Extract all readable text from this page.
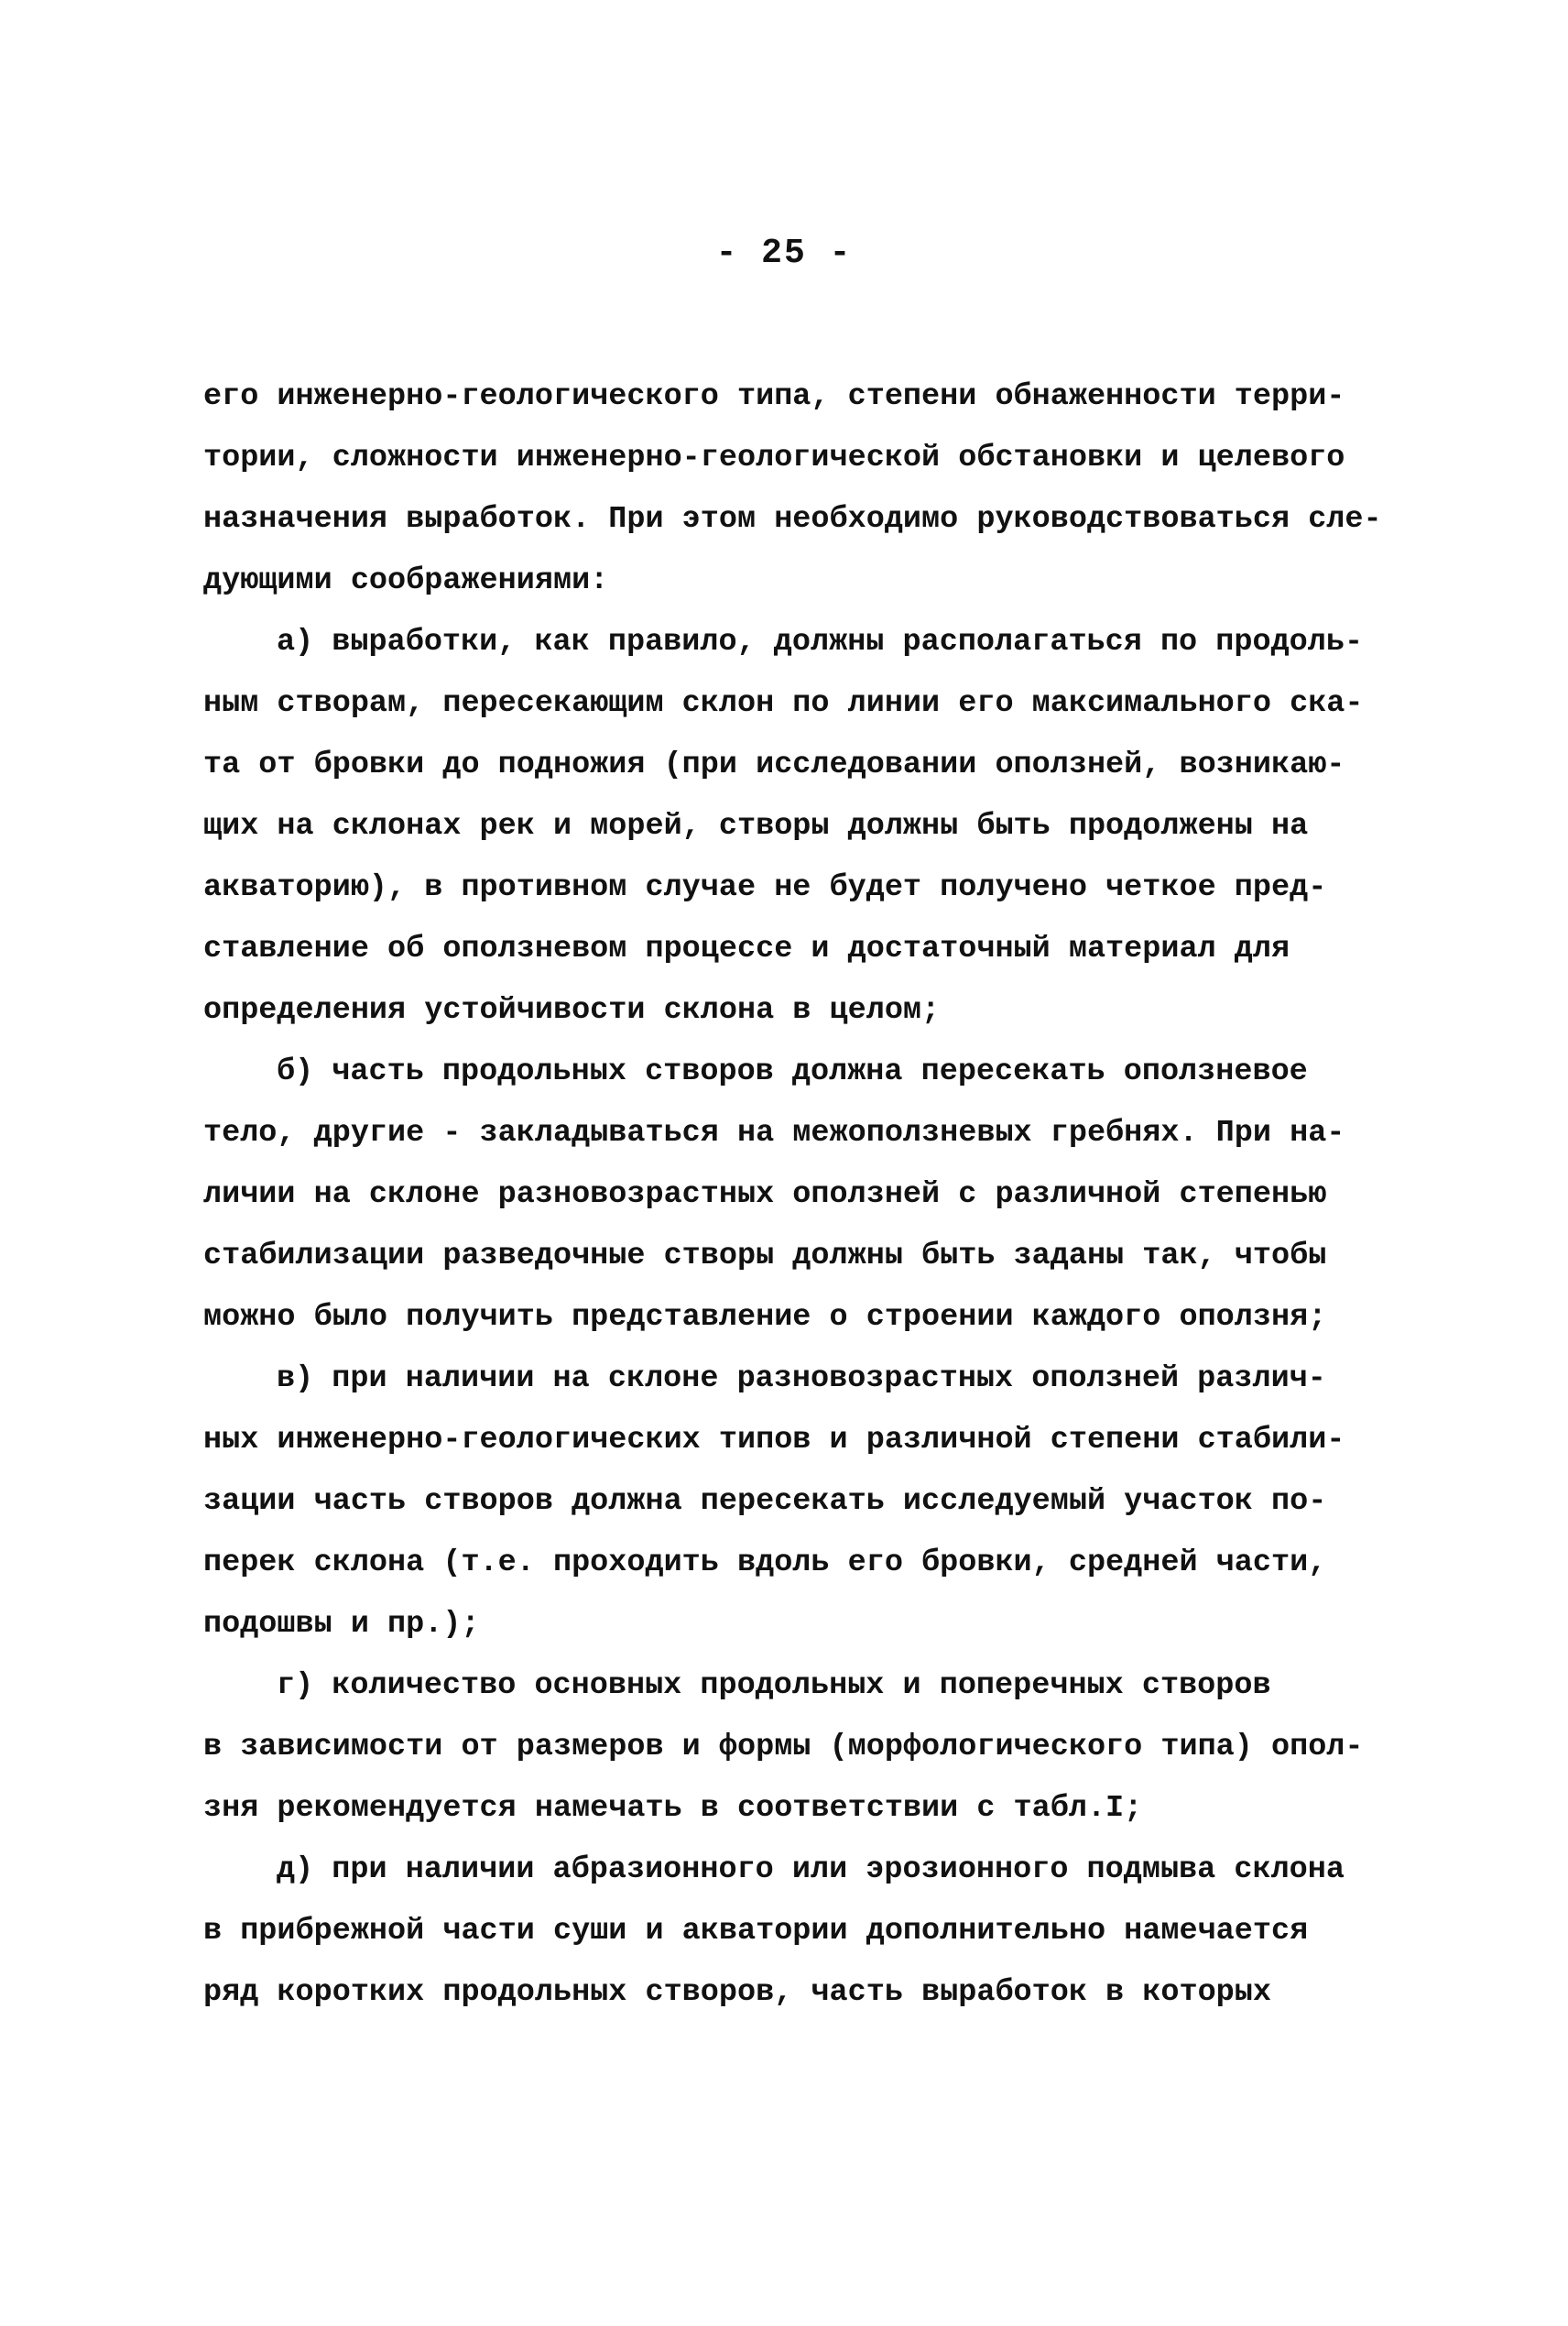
- 25 -
его инженерно-геологического типа, степени обнаженности терри-
тории, сложности инженерно-геологической обстановки и целевого
назначения выработок. При этом необходимо руководствоваться сле-
дующими соображениями:
а) выработки, как правило, должны располагаться по продоль-
ным створам, пересекающим склон по линии его максимального ска-
та от бровки до подножия (при исследовании оползней, возникаю-
щих на склонах рек и морей, створы должны быть продолжены на
акваторию), в противном случае не будет получено четкое пред-
ставление об оползневом процессе и достаточный материал для
определения устойчивости склона в целом;
б) часть продольных створов должна пересекать оползневое
тело, другие - закладываться на межоползневых гребнях. При на-
личии на склоне разновозрастных оползней с различной степенью
стабилизации разведочные створы должны быть заданы так, чтобы
можно было получить представление о строении каждого оползня;
в) при наличии на склоне разновозрастных оползней различ-
ных инженерно-геологических типов и различной степени стабили-
зации часть створов должна пересекать исследуемый участок по-
перек склона (т.е. проходить вдоль его бровки, средней части,
подошвы и пр.);
г) количество основных продольных и поперечных створов
в зависимости от размеров и формы (морфологического типа) опол-
зня рекомендуется намечать в соответствии с табл.I;
д) при наличии абразионного или эрозионного подмыва склона
в прибрежной части суши и акватории дополнительно намечается
ряд коротких продольных створов, часть выработок в которых
